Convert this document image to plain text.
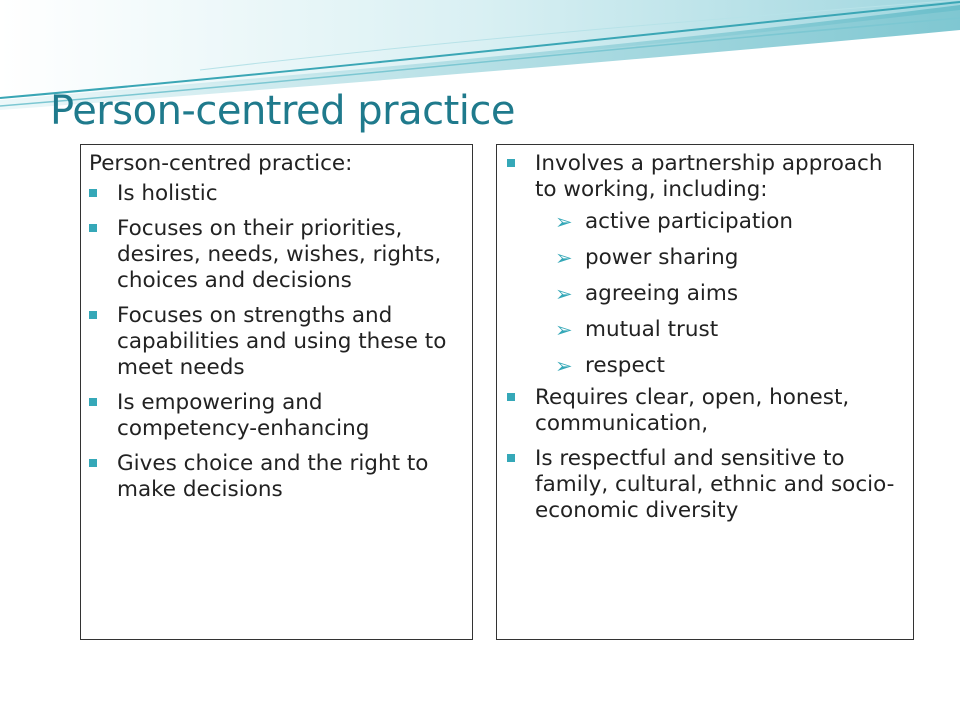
Person-centred practice

Person-centred practice:

Is holistic
Focuses on their priorities, desires, needs, wishes, rights, choices and decisions
Focuses on strengths and capabilities and using these to meet needs
Is empowering and competency-enhancing
Gives choice and the right to make decisions
Involves a partnership approach to working, including:
➢ active participation
➢ power sharing
➢ agreeing aims
➢ mutual trust
➢ respect
Requires clear, open, honest, communication,
Is respectful and sensitive to family, cultural, ethnic and socio-economic diversity
